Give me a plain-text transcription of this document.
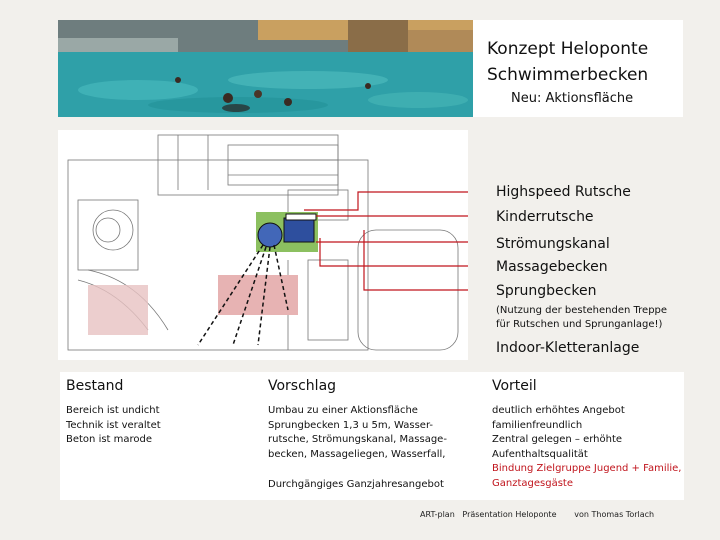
Konzept Heloponte
Schwimmerbecken
Neu: Aktionsfläche
Highspeed Rutsche
Kinderrutsche
Strömungskanal
Massagebecken
Sprungbecken
(Nutzung der bestehenden Treppe
für Rutschen und Sprunganlage!)
Indoor-Kletteranlage
Bestand	Vorschlag	Vorteil
Bereich ist undicht
Technik ist veraltet
Beton ist marode
Umbau zu einer Aktionsfläche
Sprungbecken 1,3 u 5m, Wasser-
rutsche, Strömungskanal, Massage-
becken, Massageliegen, Wasserfall,
Durchgängiges Ganzjahresangebot
deutlich erhöhtes Angebot
familienfreundlich
Zentral gelegen – erhöhte
Aufenthaltsqualität
Bindung Zielgruppe Jugend + Familie,
Ganztagesgäste
ART-plan   Präsentation Heloponte       von Thomas Torlach
